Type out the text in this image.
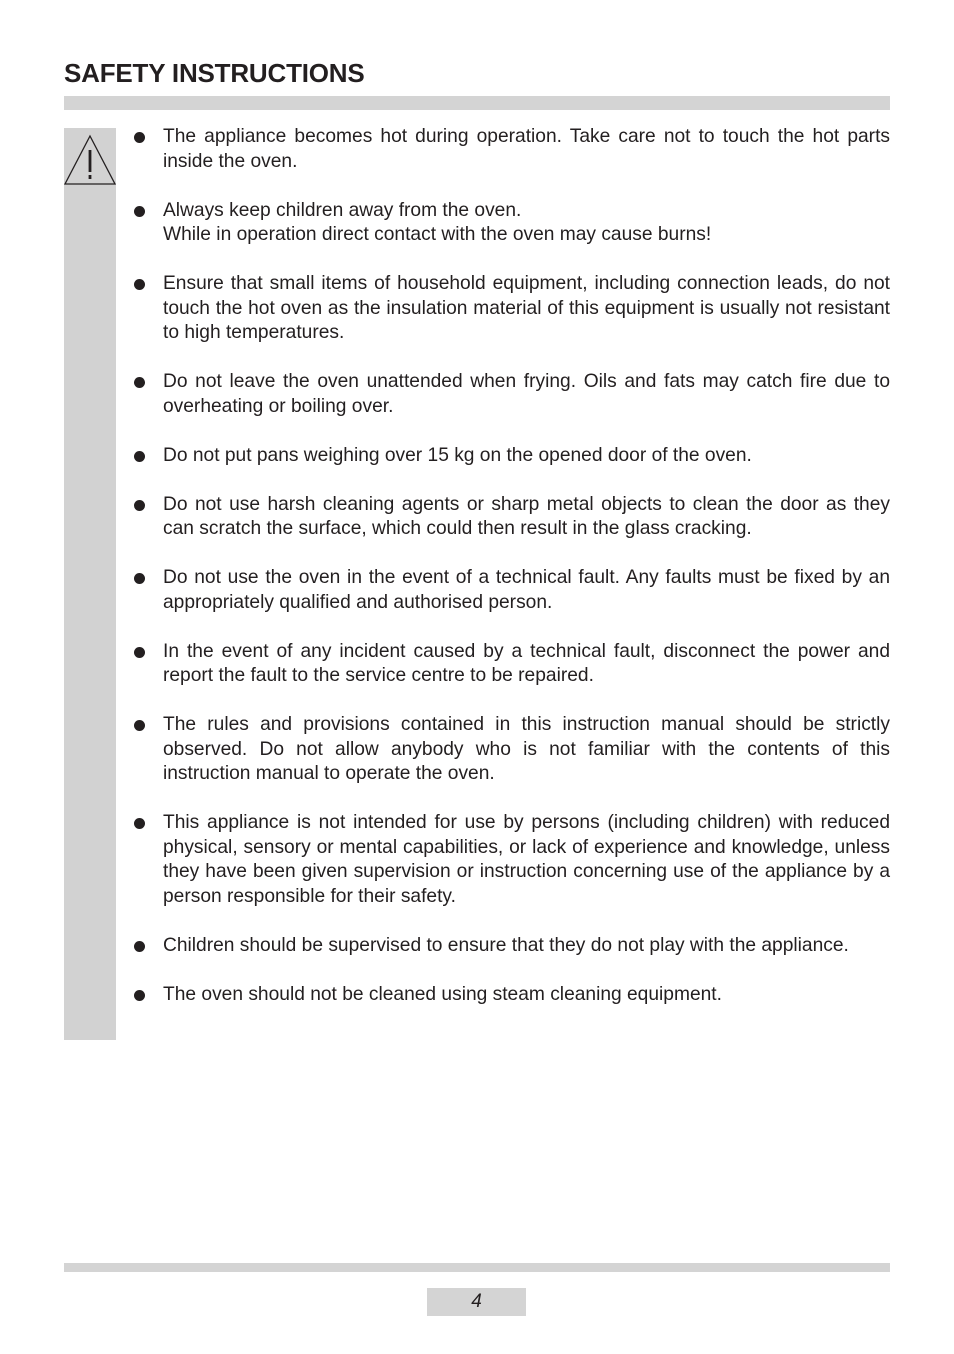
SAFETY INSTRUCTIONS
The appliance becomes hot during operation. Take care not to touch the hot parts inside the oven.
Always keep children away from the oven.
While in operation direct contact with the oven may cause burns!
Ensure that small items of household equipment, including connection leads, do not touch the hot oven as the insulation material of this equipment is usually not resistant to high temperatures.
Do not leave the oven unattended when frying. Oils and fats may catch fire due to overheating or boiling over.
Do not put pans weighing over 15 kg on the opened door of the oven.
Do not use harsh cleaning agents or sharp metal objects to clean the door as they can scratch the surface, which could then result in the glass cracking.
Do not use the oven in the event of a technical fault. Any faults must be fixed by an appropriately qualified and authorised person.
In the event of any incident caused by a technical fault, disconnect the power and report the fault to the service centre to be repaired.
The rules and provisions contained in this instruction manual should be strictly observed. Do not allow anybody who is not familiar with the contents of this instruction manual to operate the oven.
This appliance is not intended for use by persons (including children) with reduced physical, sensory or mental capabilities, or lack of experience and knowledge, unless they have been given supervision or instruction concerning use of the appliance by a person responsible for their safety.
Children should be supervised to ensure that they do not play with the appliance.
The oven should not be cleaned using steam cleaning equipment.
4
